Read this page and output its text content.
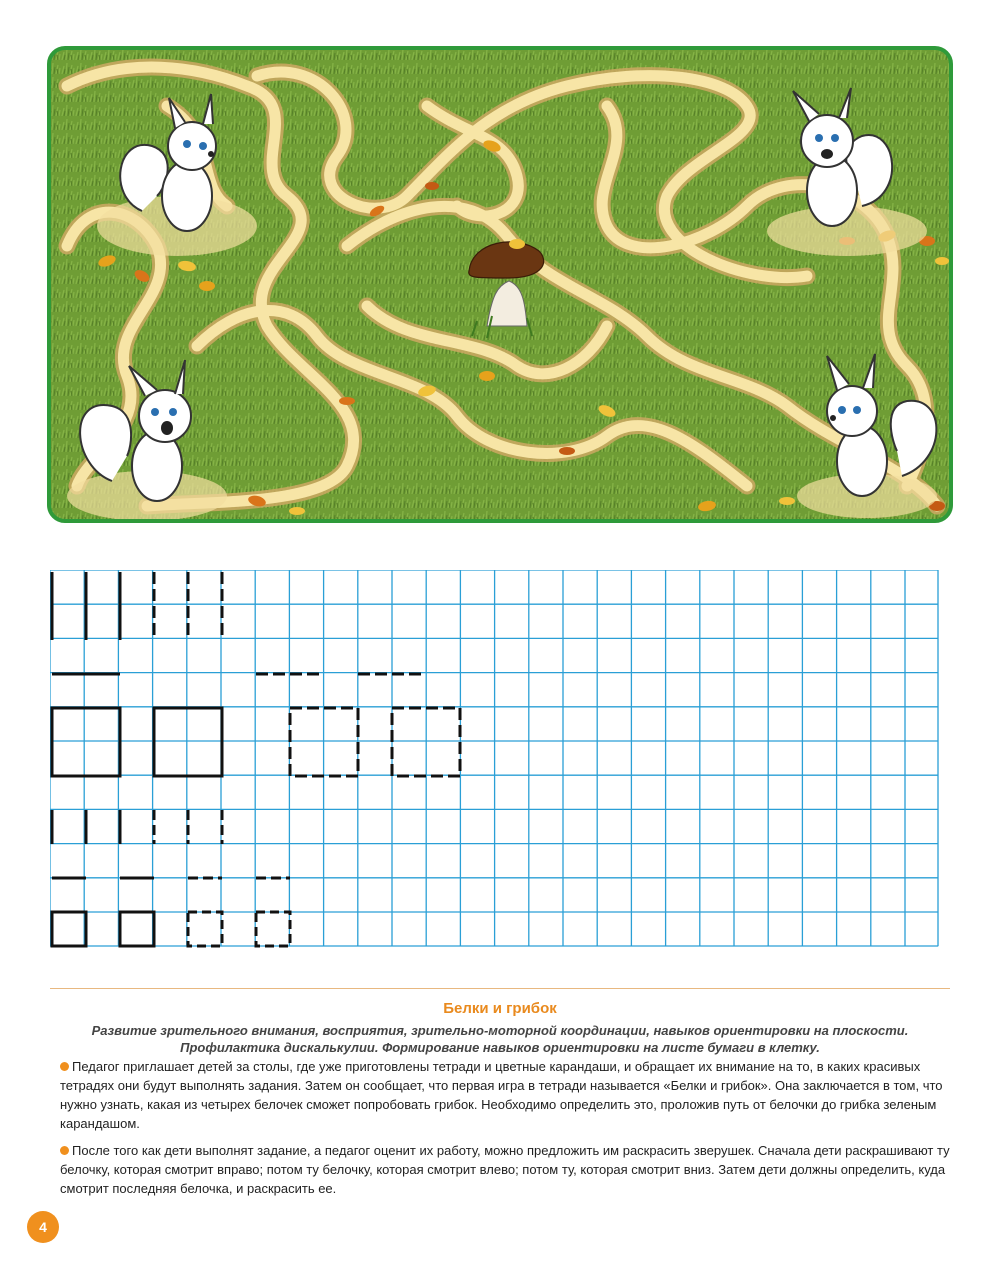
Белки и грибок
Развитие зрительного внимания, восприятия, зрительно-моторной координации, навыков ориентировки на плоскости.
Профилактика дискалькулии. Формирование навыков ориентировки на листе бумаги в клетку.

Педагог приглашает детей за столы, где уже приготовлены тетради и цветные карандаши, и обращает их внимание на то, в каких красивых тетрадях они будут выполнять задания. Затем он сообщает, что первая игра в тетради называется «Белки и грибок». Она заключается в том, что нужно узнать, какая из четырех белочек сможет попробовать грибок. Необходимо определить это, проложив путь от белочки до грибка зеленым карандашом.

После того как дети выполнят задание, а педагог оценит их работу, можно предложить им раскрасить зверушек. Сначала дети раскрашивают ту белочку, которая смотрит вправо; потом ту белочку, которая смотрит влево; потом ту, которая смотрит вниз. Затем дети должны определить, куда смотрит последняя белочка, и раскрасить ее.

4
